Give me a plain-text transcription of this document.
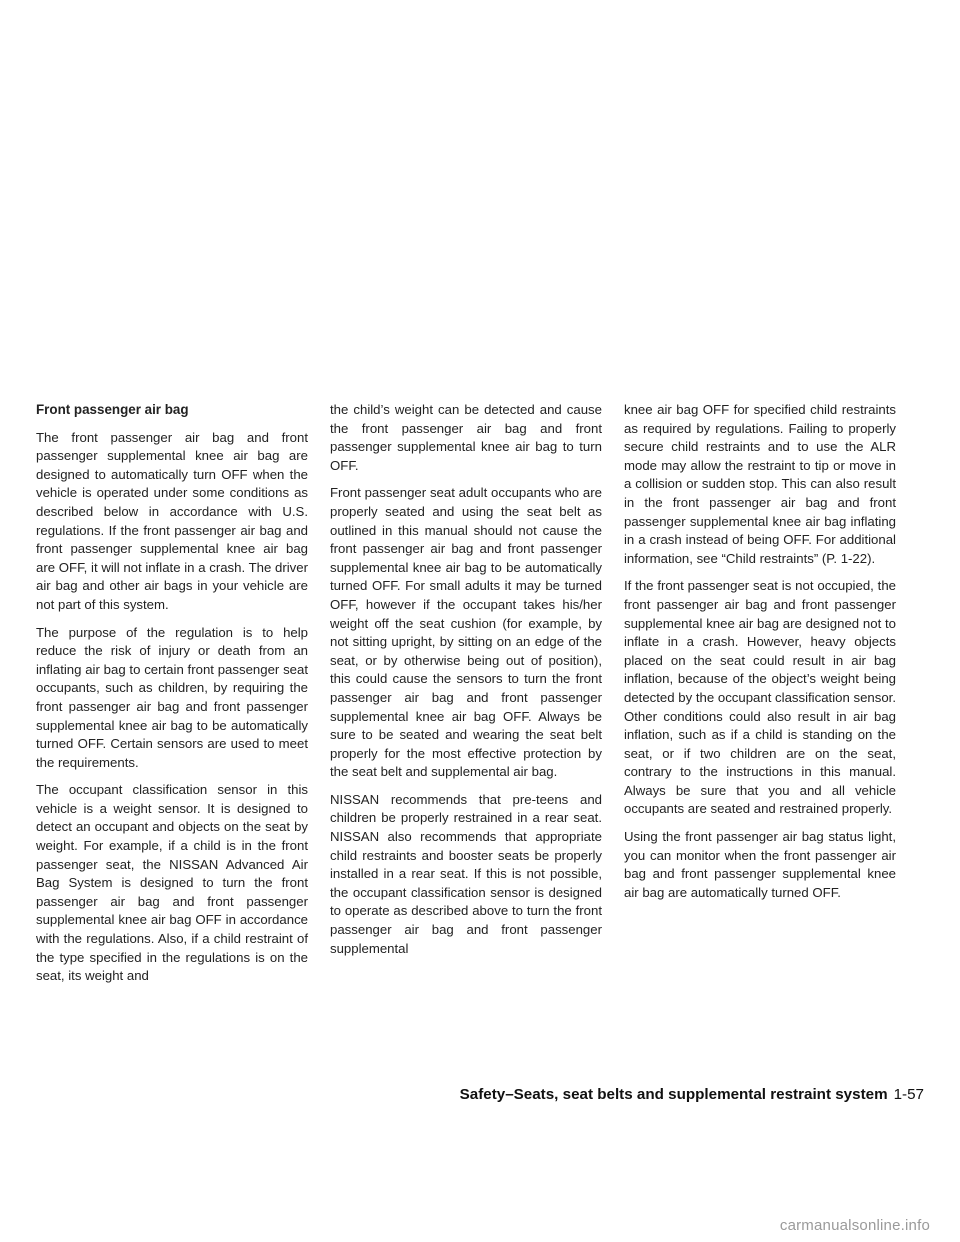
Front passenger air bag

The front passenger air bag and front passenger supplemental knee air bag are designed to automatically turn OFF when the vehicle is operated under some conditions as described below in accordance with U.S. regulations. If the front passenger air bag and front passenger supplemental knee air bag are OFF, it will not inflate in a crash. The driver air bag and other air bags in your vehicle are not part of this system.

The purpose of the regulation is to help reduce the risk of injury or death from an inflating air bag to certain front passenger seat occupants, such as children, by requiring the front passenger air bag and front passenger supplemental knee air bag to be automatically turned OFF. Certain sensors are used to meet the requirements.

The occupant classification sensor in this vehicle is a weight sensor. It is designed to detect an occupant and objects on the seat by weight. For example, if a child is in the front passenger seat, the NISSAN Advanced Air Bag System is designed to turn the front passenger air bag and front passenger supplemental knee air bag OFF in accordance with the regulations. Also, if a child restraint of the type specified in the regulations is on the seat, its weight and

the child’s weight can be detected and cause the front passenger air bag and front passenger supplemental knee air bag to turn OFF.

Front passenger seat adult occupants who are properly seated and using the seat belt as outlined in this manual should not cause the front passenger air bag and front passenger supplemental knee air bag to be automatically turned OFF. For small adults it may be turned OFF, however if the occupant takes his/her weight off the seat cushion (for example, by not sitting upright, by sitting on an edge of the seat, or by otherwise being out of position), this could cause the sensors to turn the front passenger air bag and front passenger supplemental knee air bag OFF. Always be sure to be seated and wearing the seat belt properly for the most effective protection by the seat belt and supplemental air bag.

NISSAN recommends that pre-teens and children be properly restrained in a rear seat. NISSAN also recommends that appropriate child restraints and booster seats be properly installed in a rear seat. If this is not possible, the occupant classification sensor is designed to operate as described above to turn the front passenger air bag and front passenger supplemental

knee air bag OFF for specified child restraints as required by regulations. Failing to properly secure child restraints and to use the ALR mode may allow the restraint to tip or move in a collision or sudden stop. This can also result in the front passenger air bag and front passenger supplemental knee air bag inflating in a crash instead of being OFF. For additional information, see “Child restraints” (P. 1-22).

If the front passenger seat is not occupied, the front passenger air bag and front passenger supplemental knee air bag are designed not to inflate in a crash. However, heavy objects placed on the seat could result in air bag inflation, because of the object’s weight being detected by the occupant classification sensor. Other conditions could also result in air bag inflation, such as if a child is standing on the seat, or if two children are on the seat, contrary to the instructions in this manual. Always be sure that you and all vehicle occupants are seated and restrained properly.

Using the front passenger air bag status light, you can monitor when the front passenger air bag and front passenger supplemental knee air bag are automatically turned OFF.

Safety–Seats, seat belts and supplemental restraint system 1-57
carmanualsonline.info
